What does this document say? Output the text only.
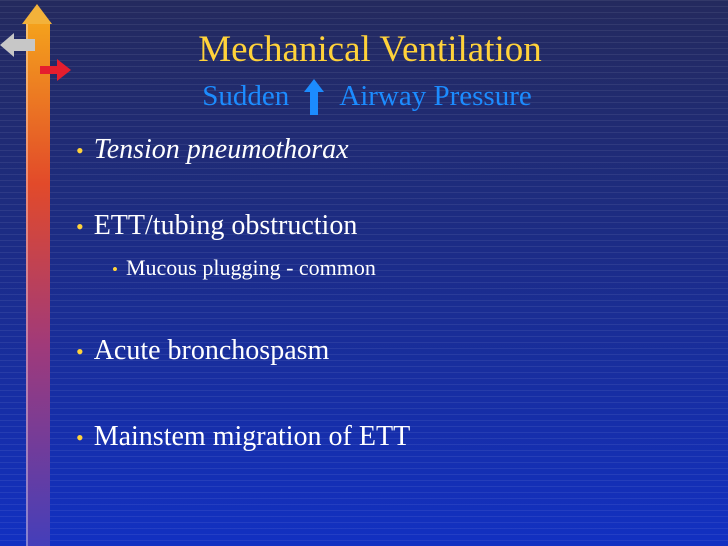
Mechanical Ventilation
Sudden Airway Pressure
• Tension pneumothorax
• ETT/tubing obstruction
• Mucous plugging - common
• Acute bronchospasm
• Mainstem migration of ETT
